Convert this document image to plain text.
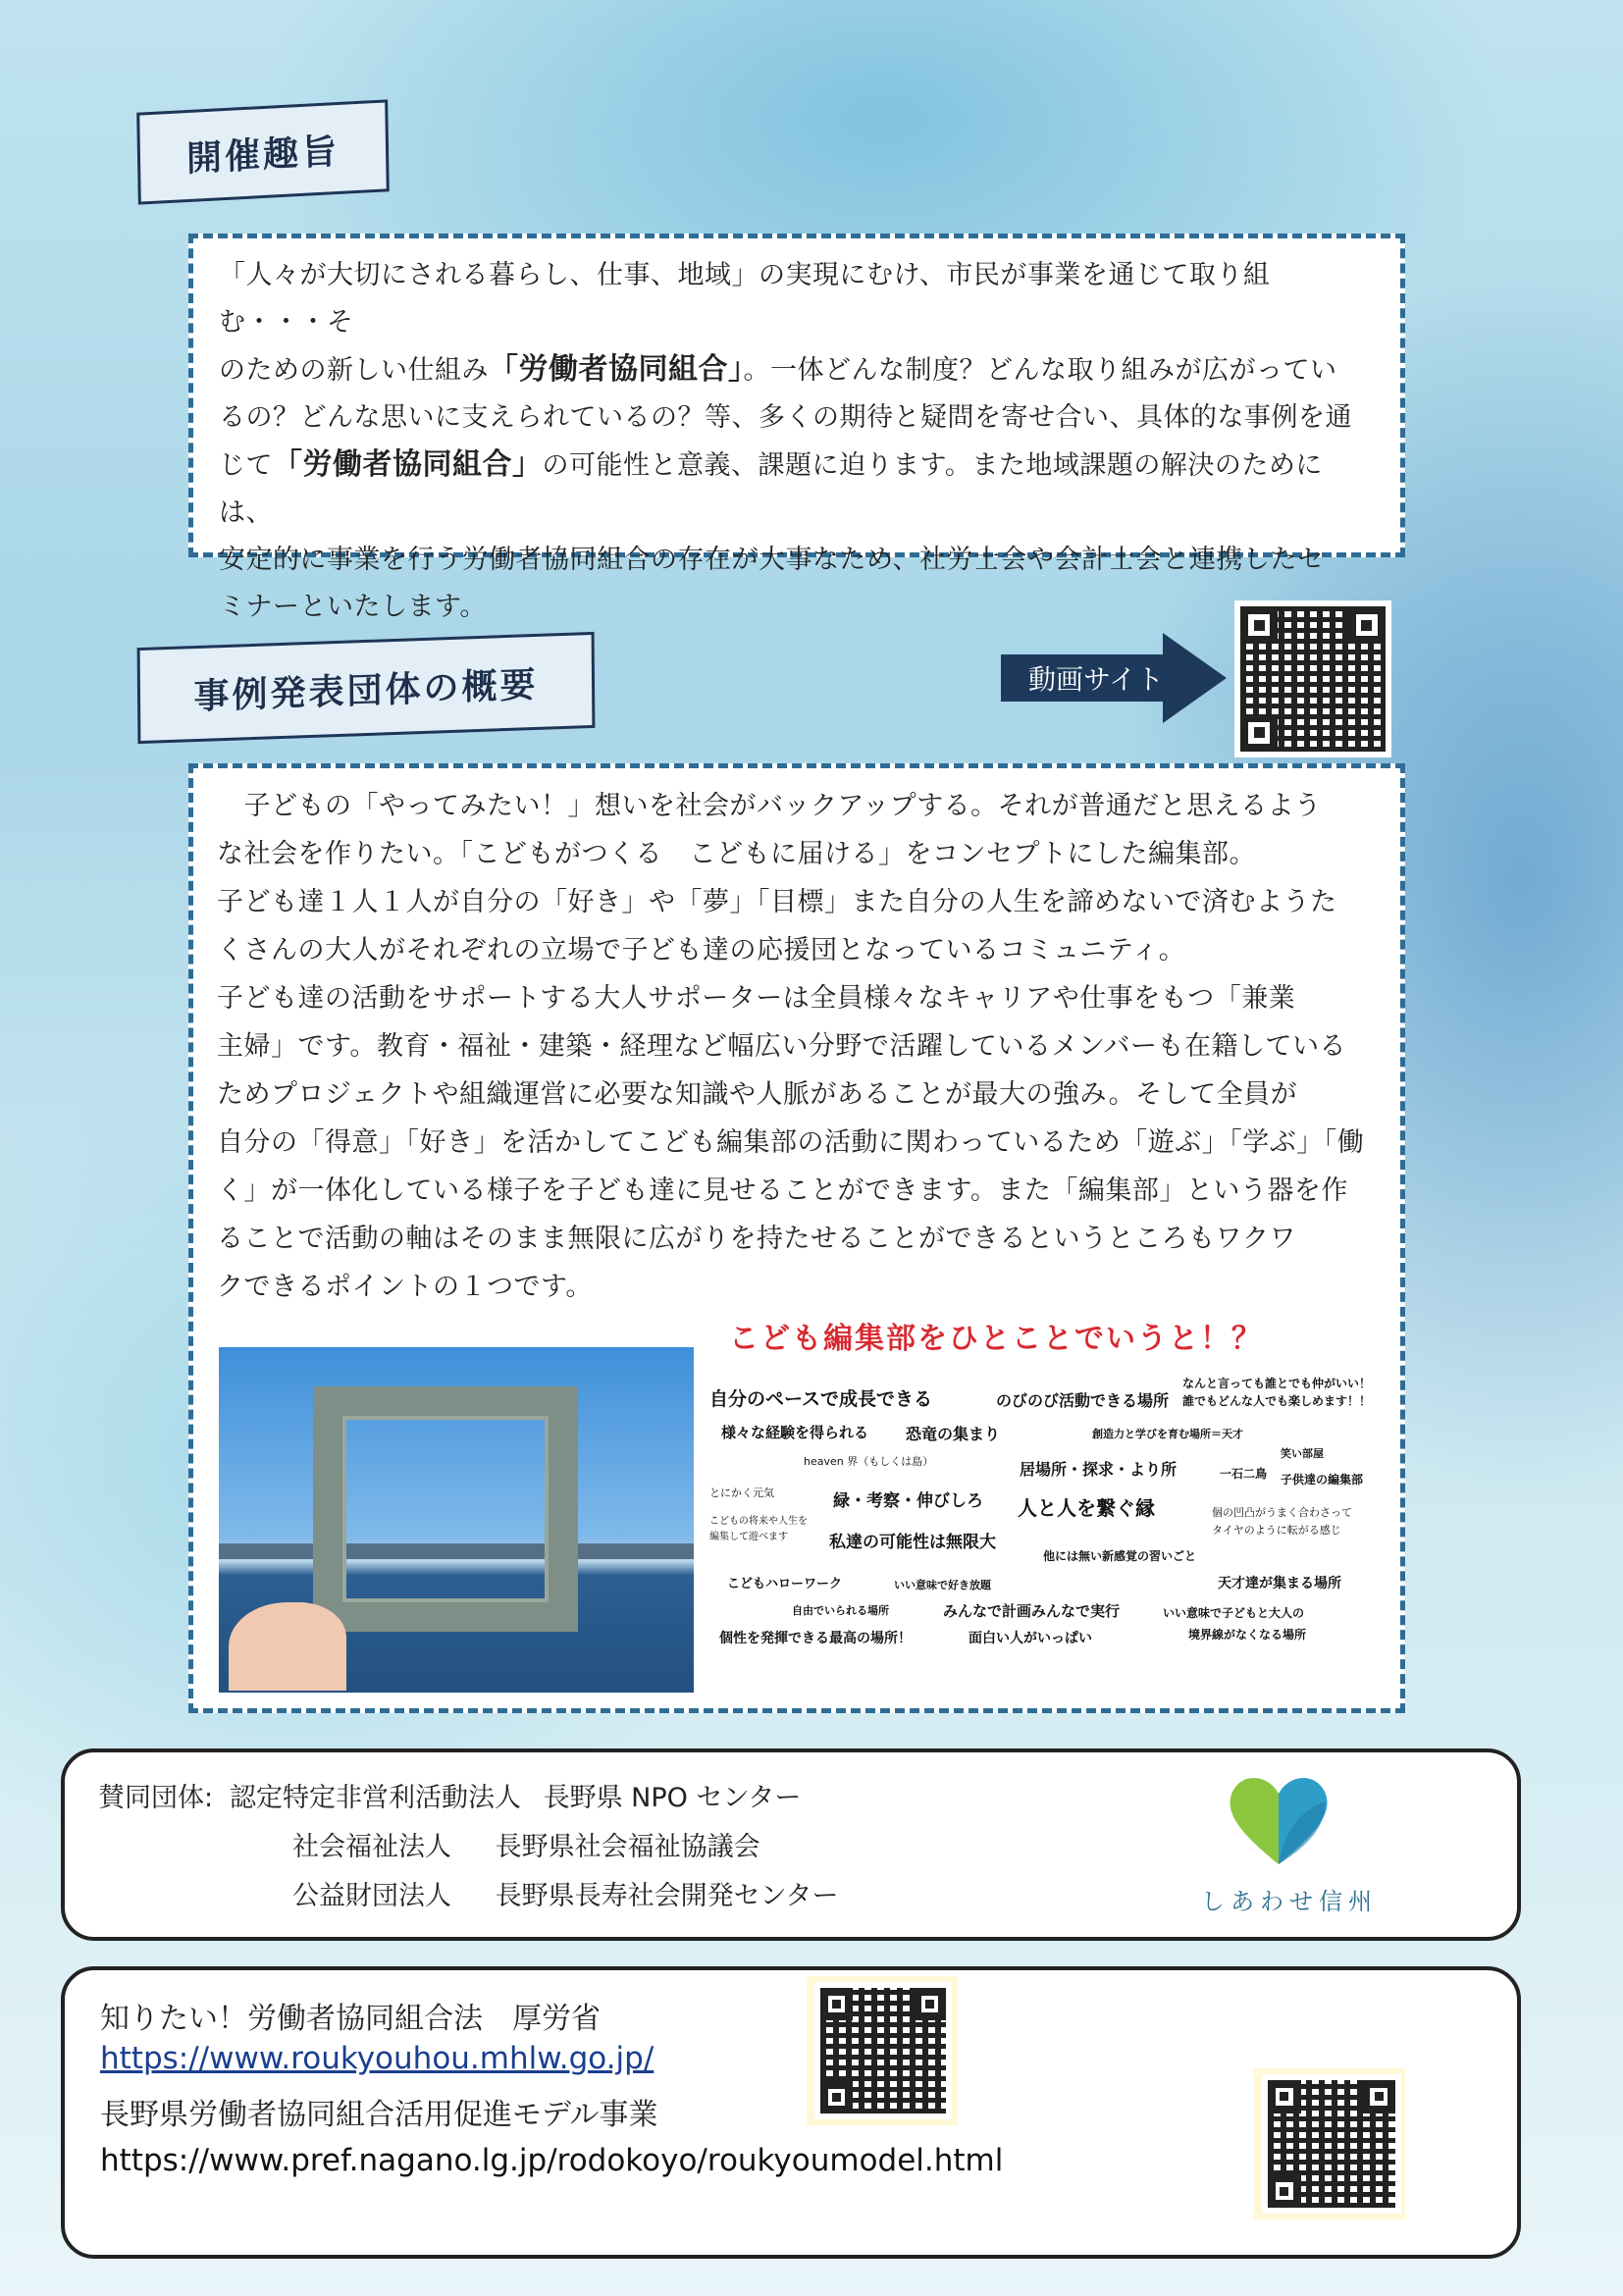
開催趣旨

「人々が大切にされる暮らし、仕事、地域」の実現にむけ、市民が事業を通じて取り組む・・・そ
のための新しい仕組み「労働者協同組合」。一体どんな制度？どんな取り組みが広がってい
るの？どんな思いに支えられているの？等、多くの期待と疑問を寄せ合い、具体的な事例を通
じて「労働者協同組合」の可能性と意義、課題に迫ります。また地域課題の解決のためには、
安定的に事業を行う労働者協同組合の存在が大事なため、社労士会や会計士会と連携したセ
ミナーといたします。

事例発表団体の概要	動画サイト

　子どもの「やってみたい！」想いを社会がバックアップする。それが普通だと思えるよう
な社会を作りたい。「こどもがつくる　こどもに届ける」をコンセプトにした編集部。
子ども達１人１人が自分の「好き」や「夢」「目標」また自分の人生を諦めないで済むようた
くさんの大人がそれぞれの立場で子ども達の応援団となっているコミュニティ。
子ども達の活動をサポートする大人サポーターは全員様々なキャリアや仕事をもつ「兼業
主婦」です。教育・福祉・建築・経理など幅広い分野で活躍しているメンバーも在籍している
ためプロジェクトや組織運営に必要な知識や人脈があることが最大の強み。そして全員が
自分の「得意」「好き」を活かしてこども編集部の活動に関わっているため「遊ぶ」「学ぶ」「働
く」が一体化している様子を子ども達に見せることができます。また「編集部」という器を作
ることで活動の軸はそのまま無限に広がりを持たせることができるというところもワクワ
クできるポイントの１つです。

こども編集部をひとことでいうと！？
自分のペースで成長できる	のびのび活動できる場所
なんと言っても誰とでも仲がいい！
誰でもどんな人でも楽しめます！！
様々な経験を得られる 恐竜の集まり	創造力と学びを育む場所＝天才
heaven 界（もしくは島）
笑い部屋
居場所・探求・より所	一石二鳥
とにかく元気
子供達の編集部
緑・考察・伸びしろ 人と人を繋ぐ縁
こどもの将来や人生を
編集して遊べます
個の凹凸がうまく合わさって
タイヤのように転がる感じ
私達の可能性は無限大
他には無い新感覚の習いごと
こどもハローワーク	いい意味で好き放題	天才達が集まる場所
自由でいられる場所	みんなで計画みんなで実行	いい意味で子どもと大人の
境界線がなくなる場所
個性を発揮できる最高の場所！	面白い人がいっぱい
賛同団体: 認定特定非営利活動法人 長野県 NPO センター
社会福祉法人 長野県社会福祉協議会
公益財団法人 長野県長寿社会開発センター	しあわせ信州
知りたい！労働者協同組合法　厚労省
https://www.roukyouhou.mhlw.go.jp/
長野県労働者協同組合活用促進モデル事業
https://www.pref.nagano.lg.jp/rodokoyo/roukyoumodel.html
